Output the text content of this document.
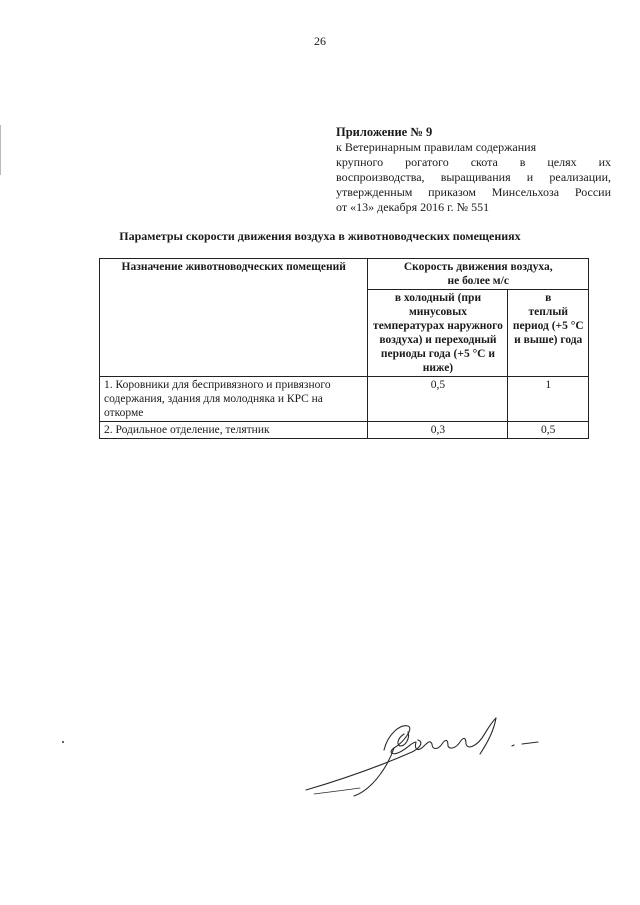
26
Приложение № 9
к Ветеринарным правилам содержания
крупного рогатого скота в целях их
воспроизводства, выращивания и реализации,
утвержденным приказом Минсельхоза России
от «13» декабря 2016 г. № 551
Параметры скорости движения воздуха в животноводческих помещениях
Назначение животноводческих помещений	Скорость движения воздуха,
не более м/с	

	в холодный (при минусовых температурах наружного воздуха) и переходный периоды года (+5 °С и ниже)	в
теплый период (+5 °С и выше) года

1. Коровники для беспривязного и привязного содержания, здания для молодняка и КРС на откорме	0,5	1
2. Родильное отделение, телятник	0,3	0,5
